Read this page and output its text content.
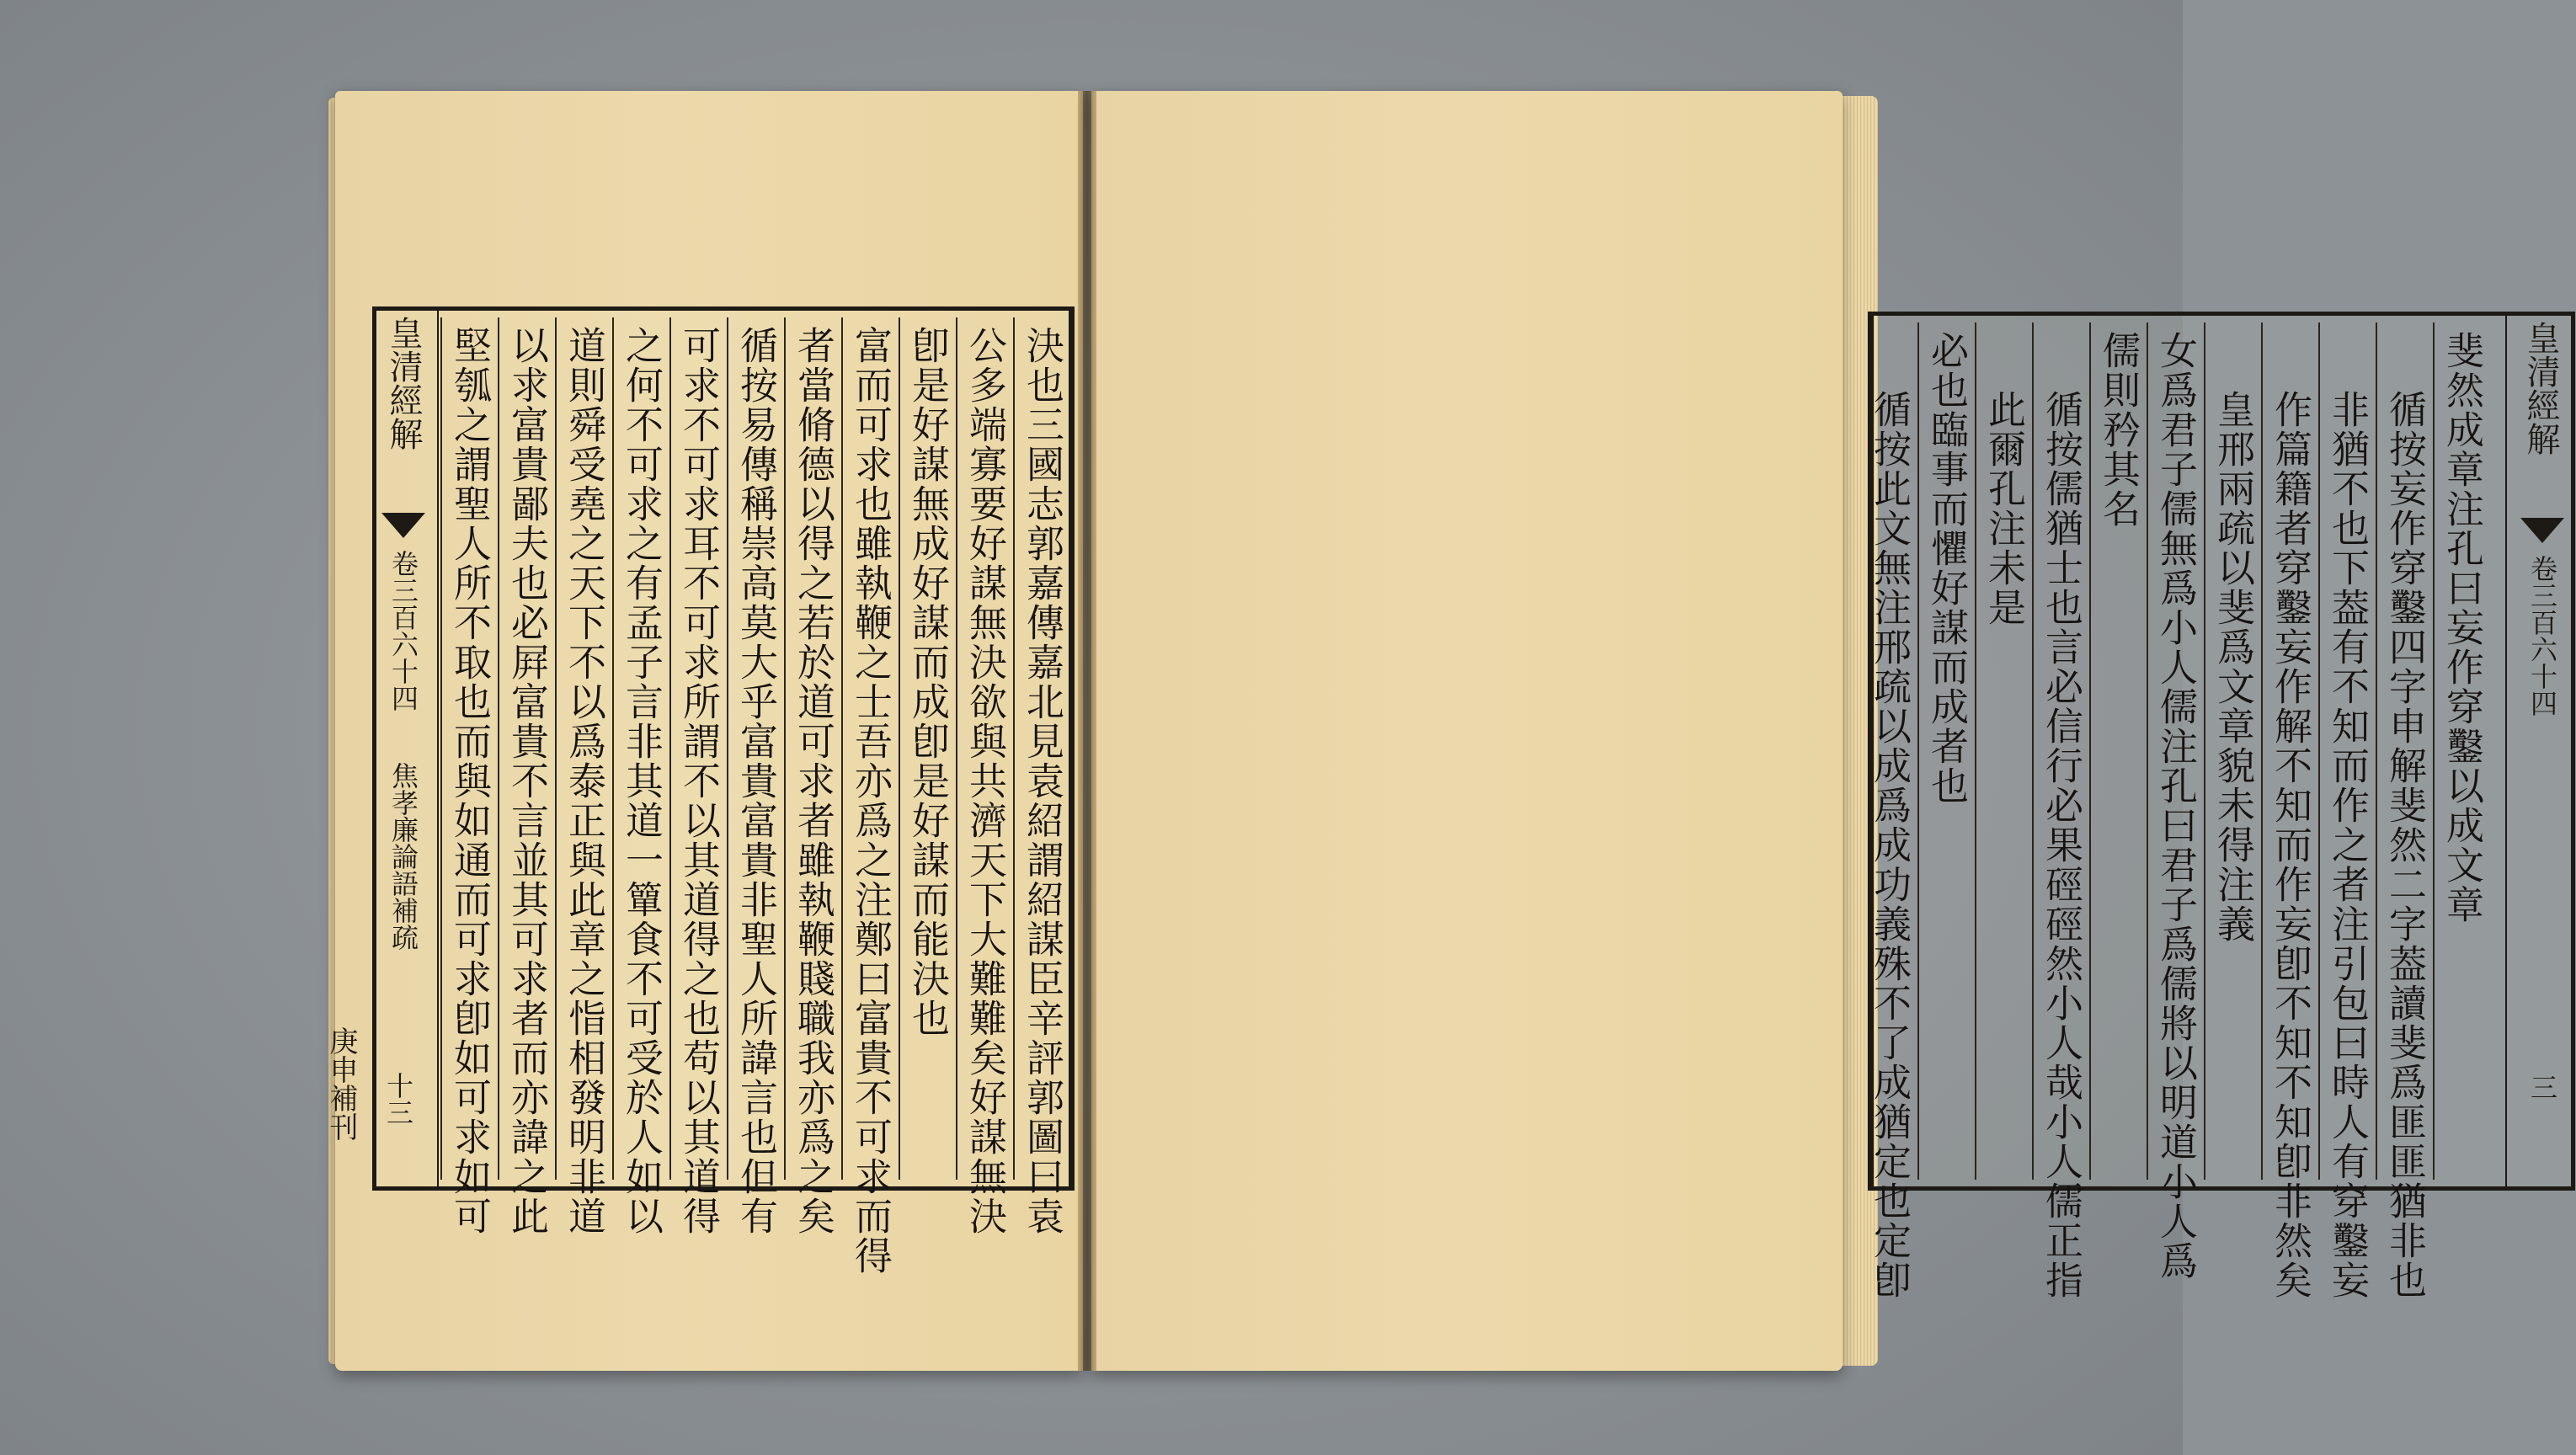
決也三國志郭嘉傳嘉北見袁紹謂紹謀臣辛評郭圖曰袁
公多端寡要好謀無決欲與共濟天下大難難矣好謀無決
卽是好謀無成好謀而成卽是好謀而能決也
富而可求也雖執鞭之士吾亦爲之注鄭曰富貴不可求而得
者當脩德以得之若於道可求者雖執鞭賤職我亦爲之矣
循按易傳稱崇高莫大乎富貴富貴非聖人所諱言也但有
可求不可求耳不可求所謂不以其道得之也苟以其道得
之何不可求之有孟子言非其道一簞食不可受於人如以
道則舜受堯之天下不以爲泰正與此章之恉相發明非道
以求富貴鄙夫也必屛富貴不言並其可求者而亦諱之此
堅瓠之謂聖人所不取也而與如通而可求卽如可求如可
皇清經解
卷三百六十四
焦孝廉論語補疏
十三
庚申補刊
斐然成章注孔曰妄作穿鑿以成文章
循按妄作穿鑿四字申解斐然二字葢讀斐爲匪匪猶非也
非猶不也下葢有不知而作之者注引包曰時人有穿鑿妄
作篇籍者穿鑿妄作解不知而作妄卽不知不知卽非然矣
皇邢兩疏以斐爲文章貌未得注義
女爲君子儒無爲小人儒注孔曰君子爲儒將以明道小人爲
儒則矜其名
循按儒猶士也言必信行必果硜硜然小人哉小人儒正指
此爾孔注未是
必也臨事而懼好謀而成者也
循按此文無注邢疏以成爲成功義殊不了成猶定也定卽
皇清經解
卷三百六十四
三
